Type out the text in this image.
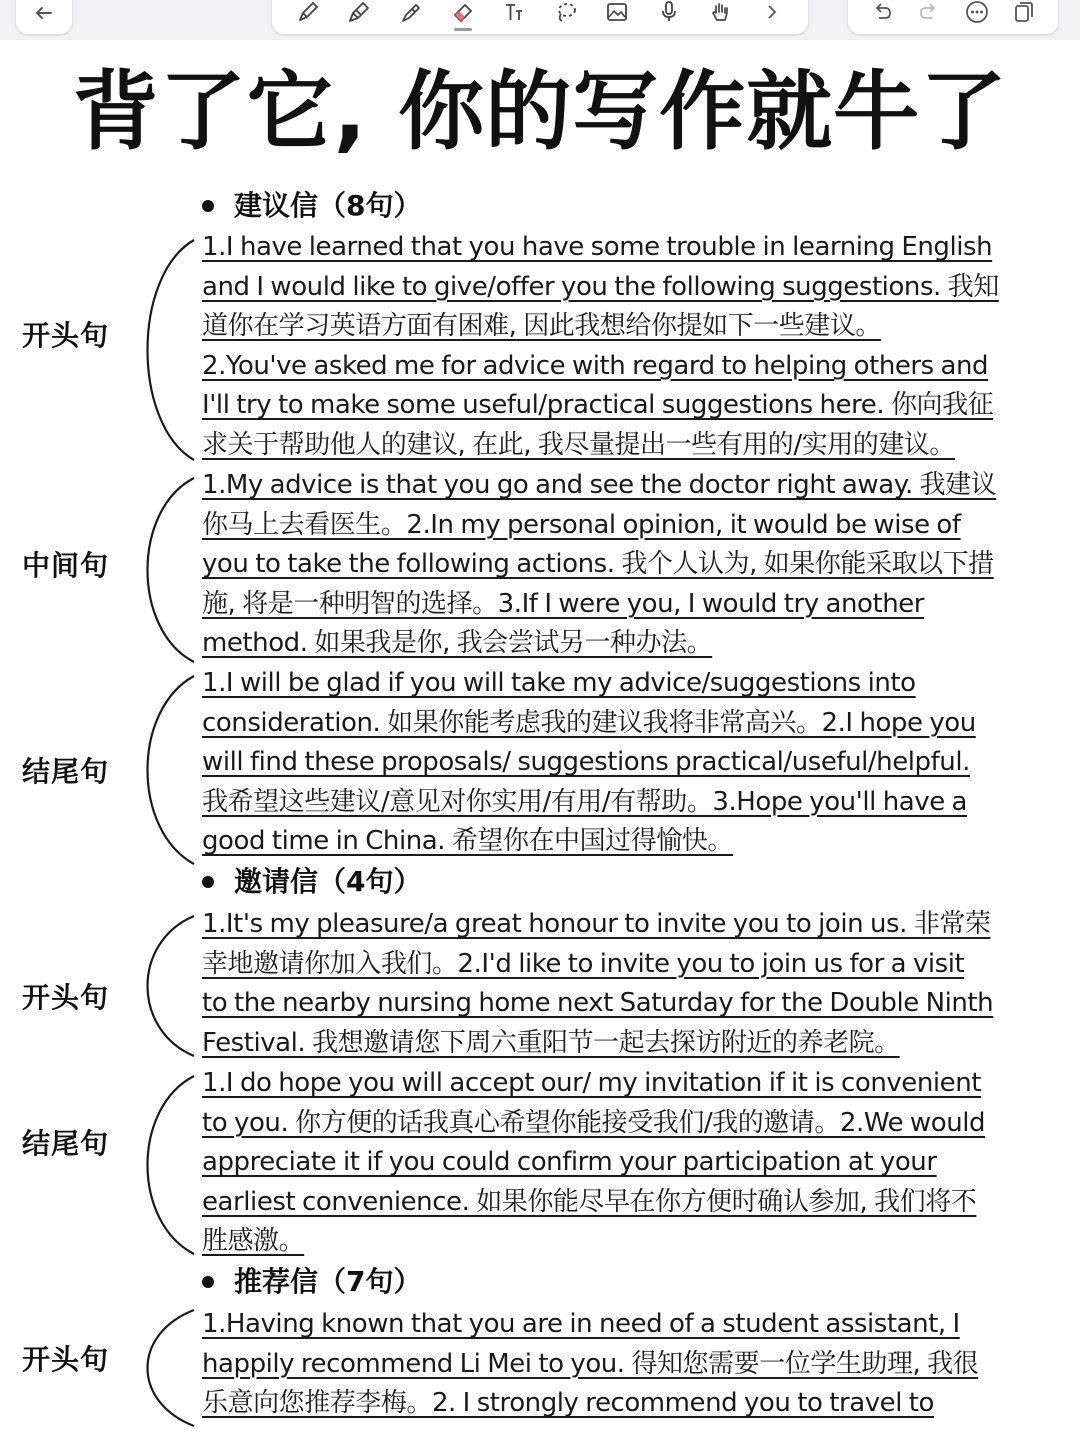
背了它, 你的写作就牛了
建议信（8句）
开头句
1.I have learned that you have some trouble in learning English
and I would like to give/offer you the following suggestions. 我知
道你在学习英语方面有困难, 因此我想给你提如下一些建议。
2.You've asked me for advice with regard to helping others and
I'll try to make some useful/practical suggestions here. 你向我征
求关于帮助他人的建议, 在此, 我尽量提出一些有用的/实用的建议。
中间句
1.My advice is that you go and see the doctor right away. 我建议
你马上去看医生。2.In my personal opinion, it would be wise of
you to take the following actions. 我个人认为, 如果你能采取以下措
施, 将是一种明智的选择。3.If I were you, I would try another
method. 如果我是你, 我会尝试另一种办法。
结尾句
1.I will be glad if you will take my advice/suggestions into
consideration. 如果你能考虑我的建议我将非常高兴。2.I hope you
will find these proposals/ suggestions practical/useful/helpful.
我希望这些建议/意见对你实用/有用/有帮助。3.Hope you'll have a
good time in China. 希望你在中国过得愉快。
邀请信（4句）
开头句
1.It's my pleasure/a great honour to invite you to join us. 非常荣
幸地邀请你加入我们。2.I'd like to invite you to join us for a visit
to the nearby nursing home next Saturday for the Double Ninth
Festival. 我想邀请您下周六重阳节一起去探访附近的养老院。
结尾句
1.I do hope you will accept our/ my invitation if it is convenient
to you. 你方便的话我真心希望你能接受我们/我的邀请。2.We would
appreciate it if you could confirm your participation at your
earliest convenience. 如果你能尽早在你方便时确认参加, 我们将不
胜感激。
推荐信（7句）
开头句
1.Having known that you are in need of a student assistant, I
happily recommend Li Mei to you. 得知您需要一位学生助理, 我很
乐意向您推荐李梅。2. I strongly recommend you to travel to
